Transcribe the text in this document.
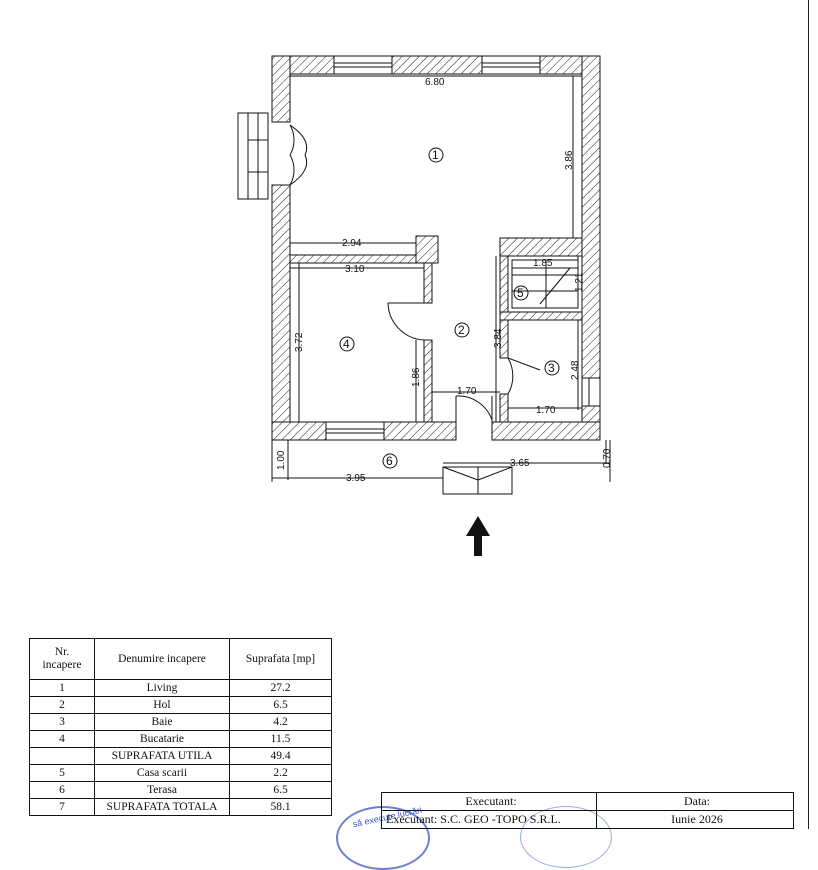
6.80
3.86
2.94
3.10
3.72
1.86
1.70
1.85
1.21
3.84
2.48
1.70
1.00
3.95
3.65	0.70
1
2
3
4
5
6
Nr.
incapere	Denumire incapere	Suprafata [mp]
1	Living	27.2
2	Hol	6.5
3	Baie	4.2
4	Bucatarie	11.5
	SUPRAFATA UTILA	49.4
5	Casa scarii	2.2
6	Terasa	6.5
7	SUPRAFATA TOTALA	58.1	să execute lucrări
Executant:	Data:
Executant: S.C. GEO -TOPO S.R.L.	Iunie 2026
